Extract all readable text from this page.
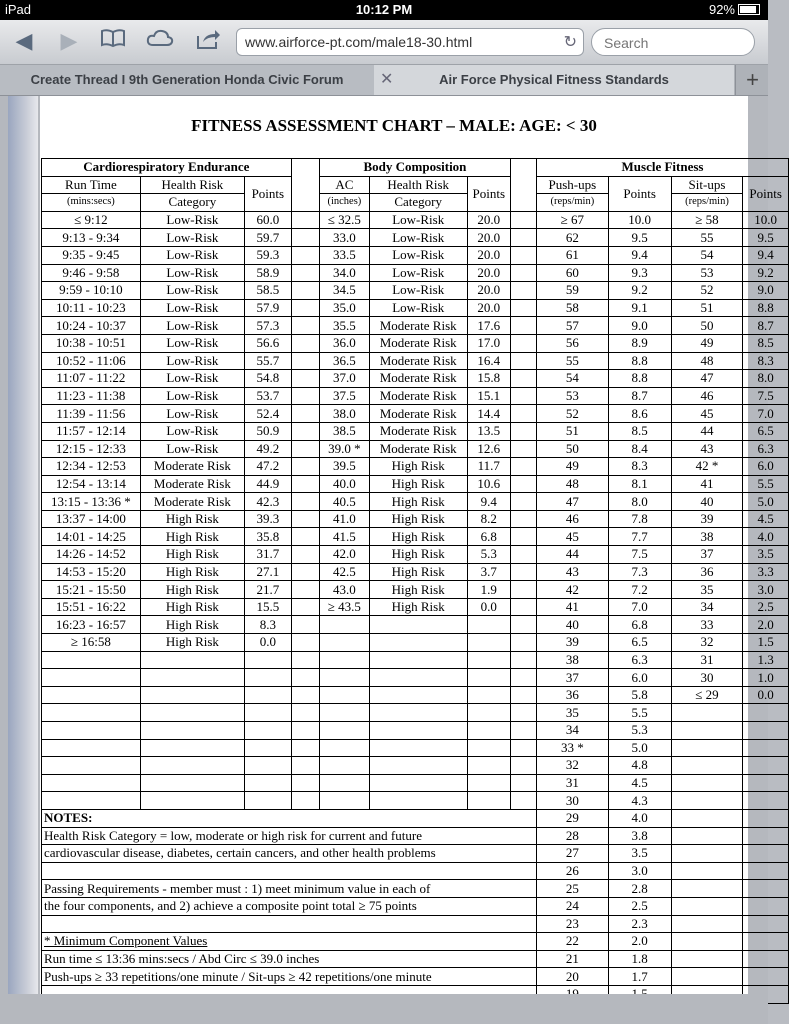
iPad	10:12 PM	92%
◀ ▶	www.airforce-pt.com/male18-30.html	↻
Search
Create Thread I 9th Generation Honda Civic Forum	Air Force Physical Fitness Standards
✕	+
FITNESS ASSESSMENT CHART – MALE: AGE: < 30
Cardiorespiratory Endurance				Body Composition				Muscle Fitness			
Run Time	Health Risk	Points		AC	Health Risk	Points		Push-ups	Points	Sit-ups	Points
(mins:secs)	Category			(inches)	Category			(reps/min)		(reps/min)	
≤ 9:12	Low-Risk	60.0		≤ 32.5	Low-Risk	20.0		≥ 67	10.0	≥ 58	10.0
9:13 - 9:34	Low-Risk	59.7		33.0	Low-Risk	20.0		62	9.5	55	9.5
9:35 - 9:45	Low-Risk	59.3		33.5	Low-Risk	20.0		61	9.4	54	9.4
9:46 - 9:58	Low-Risk	58.9		34.0	Low-Risk	20.0		60	9.3	53	9.2
9:59 - 10:10	Low-Risk	58.5		34.5	Low-Risk	20.0		59	9.2	52	9.0
10:11 - 10:23	Low-Risk	57.9		35.0	Low-Risk	20.0		58	9.1	51	8.8
10:24 - 10:37	Low-Risk	57.3		35.5	Moderate Risk	17.6		57	9.0	50	8.7
10:38 - 10:51	Low-Risk	56.6		36.0	Moderate Risk	17.0		56	8.9	49	8.5
10:52 - 11:06	Low-Risk	55.7		36.5	Moderate Risk	16.4		55	8.8	48	8.3
11:07 - 11:22	Low-Risk	54.8		37.0	Moderate Risk	15.8		54	8.8	47	8.0
11:23 - 11:38	Low-Risk	53.7		37.5	Moderate Risk	15.1		53	8.7	46	7.5
11:39 - 11:56	Low-Risk	52.4		38.0	Moderate Risk	14.4		52	8.6	45	7.0
11:57 - 12:14	Low-Risk	50.9		38.5	Moderate Risk	13.5		51	8.5	44	6.5
12:15 - 12:33	Low-Risk	49.2		39.0 *	Moderate Risk	12.6		50	8.4	43	6.3
12:34 - 12:53	Moderate Risk	47.2		39.5	High Risk	11.7		49	8.3	42 *	6.0
12:54 - 13:14	Moderate Risk	44.9		40.0	High Risk	10.6		48	8.1	41	5.5
13:15 - 13:36 *	Moderate Risk	42.3		40.5	High Risk	9.4		47	8.0	40	5.0
13:37 - 14:00	High Risk	39.3		41.0	High Risk	8.2		46	7.8	39	4.5
14:01 - 14:25	High Risk	35.8		41.5	High Risk	6.8		45	7.7	38	4.0
14:26 - 14:52	High Risk	31.7		42.0	High Risk	5.3		44	7.5	37	3.5
14:53 - 15:20	High Risk	27.1		42.5	High Risk	3.7		43	7.3	36	3.3
15:21 - 15:50	High Risk	21.7		43.0	High Risk	1.9		42	7.2	35	3.0
15:51 - 16:22	High Risk	15.5		≥ 43.5	High Risk	0.0		41	7.0	34	2.5
16:23 - 16:57	High Risk	8.3						40	6.8	33	2.0
≥ 16:58	High Risk	0.0						39	6.5	32	1.5
								38	6.3	31	1.3
								37	6.0	30	1.0
								36	5.8	≤ 29	0.0
								35	5.5		
								34	5.3		
								33 *	5.0		
								32	4.8		
								31	4.5		
								30	4.3		
NOTES:								29	4.0		
Health Risk Category = low, moderate or high risk for current and future								28	3.8		
cardiovascular disease, diabetes, certain cancers, and other health problems								27	3.5		
								26	3.0		
Passing Requirements - member must : 1) meet minimum value in each of								25	2.8		
the four components, and 2) achieve a composite point total ≥ 75 points								24	2.5		
								23	2.3		
* Minimum Component Values								22	2.0		
Run time ≤ 13:36 mins:secs / Abd Circ ≤ 39.0 inches								21	1.8		
Push-ups ≥ 33 repetitions/one minute / Sit-ups ≥ 42 repetitions/one minute								20	1.7		
